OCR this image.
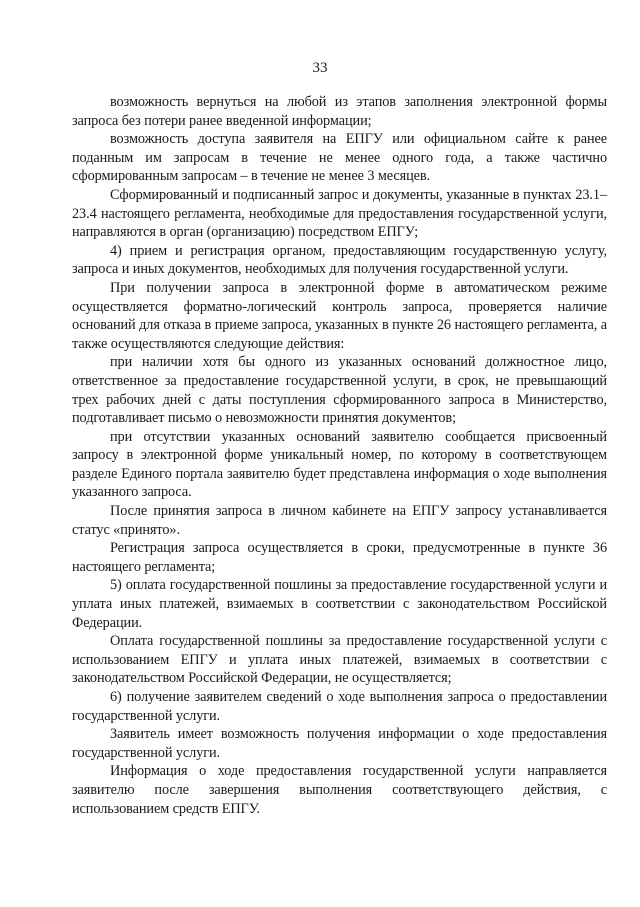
33

возможность вернуться на любой из этапов заполнения электронной формы запроса без потери ранее введенной информации;

возможность доступа заявителя на ЕПГУ или официальном сайте к ранее поданным им запросам в течение не менее одного года, а также частично сформированным запросам – в течение не менее 3 месяцев.

Сформированный и подписанный запрос и документы, указанные в пунктах 23.1–23.4 настоящего регламента, необходимые для предоставления государственной услуги, направляются в орган (организацию) посредством ЕПГУ;

4) прием и регистрация органом, предоставляющим государственную услугу, запроса и иных документов, необходимых для получения государственной услуги.

При получении запроса в электронной форме в автоматическом режиме осуществляется форматно-логический контроль запроса, проверяется наличие оснований для отказа в приеме запроса, указанных в пункте 26 настоящего регламента, а также осуществляются следующие действия:

при наличии хотя бы одного из указанных оснований должностное лицо, ответственное за предоставление государственной услуги, в срок, не превышающий трех рабочих дней с даты поступления сформированного запроса в Министерство, подготавливает письмо о невозможности принятия документов;

при отсутствии указанных оснований заявителю сообщается присвоенный запросу в электронной форме уникальный номер, по которому в соответствующем разделе Единого портала заявителю будет представлена информация о ходе выполнения указанного запроса.

После принятия запроса в личном кабинете на ЕПГУ запросу устанавливается статус «принято».

Регистрация запроса осуществляется в сроки, предусмотренные в пункте 36 настоящего регламента;

5) оплата государственной пошлины за предоставление государственной услуги и уплата иных платежей, взимаемых в соответствии с законодательством Российской Федерации.

Оплата государственной пошлины за предоставление государственной услуги с использованием ЕПГУ и уплата иных платежей, взимаемых в соответствии с законодательством Российской Федерации, не осуществляется;

6) получение заявителем сведений о ходе выполнения запроса о предоставлении государственной услуги.

Заявитель имеет возможность получения информации о ходе предоставления государственной услуги.

Информация о ходе предоставления государственной услуги направляется заявителю после завершения выполнения соответствующего действия, с использованием средств ЕПГУ.
